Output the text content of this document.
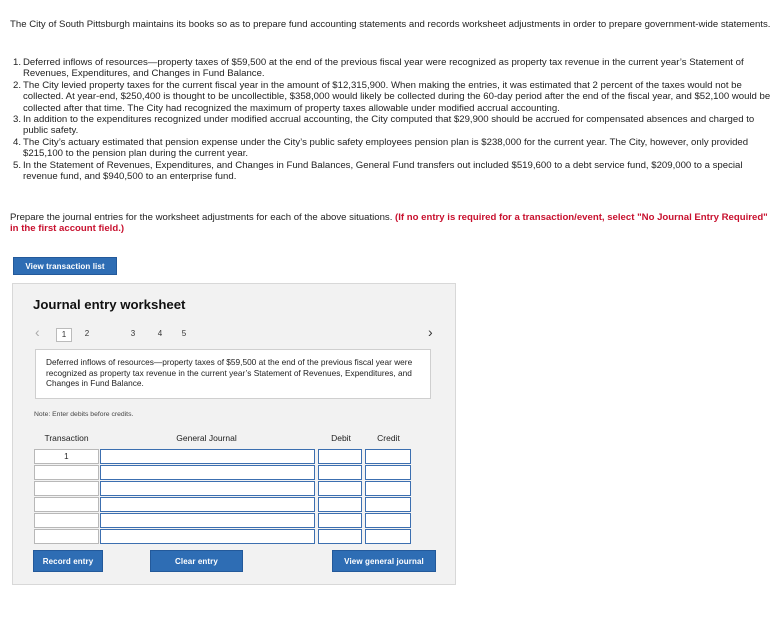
The City of South Pittsburgh maintains its books so as to prepare fund accounting statements and records worksheet adjustments in order to prepare government-wide statements.

1. Deferred inflows of resources—property taxes of $59,500 at the end of the previous fiscal year were recognized as property tax revenue in the current year’s Statement of Revenues, Expenditures, and Changes in Fund Balance.
2. The City levied property taxes for the current fiscal year in the amount of $12,315,900. When making the entries, it was estimated that 2 percent of the taxes would not be collected. At year-end, $250,400 is thought to be uncollectible, $358,000 would likely be collected during the 60-day period after the end of the fiscal year, and $52,100 would be collected after that time. The City had recognized the maximum of property taxes allowable under modified accrual accounting.
3. In addition to the expenditures recognized under modified accrual accounting, the City computed that $29,900 should be accrued for compensated absences and charged to public safety.
4. The City’s actuary estimated that pension expense under the City’s public safety employees pension plan is $238,000 for the current year. The City, however, only provided $215,100 to the pension plan during the current year.
5. In the Statement of Revenues, Expenditures, and Changes in Fund Balances, General Fund transfers out included $519,600 to a debt service fund, $209,000 to a special revenue fund, and $940,500 to an enterprise fund.
Prepare the journal entries for the worksheet adjustments for each of the above situations. (If no entry is required for a transaction/event, select "No Journal Entry Required" in the first account field.)
View transaction list
Journal entry worksheet
‹	1	2	3	4	5	›
Deferred inflows of resources—property taxes of $59,500 at the end of the previous fiscal year were recognized as property tax revenue in the current year’s Statement of Revenues, Expenditures, and Changes in Fund Balance.
Note: Enter debits before credits.
Transaction	General Journal	Debit	Credit
1
Record entry	Clear entry	View general journal
